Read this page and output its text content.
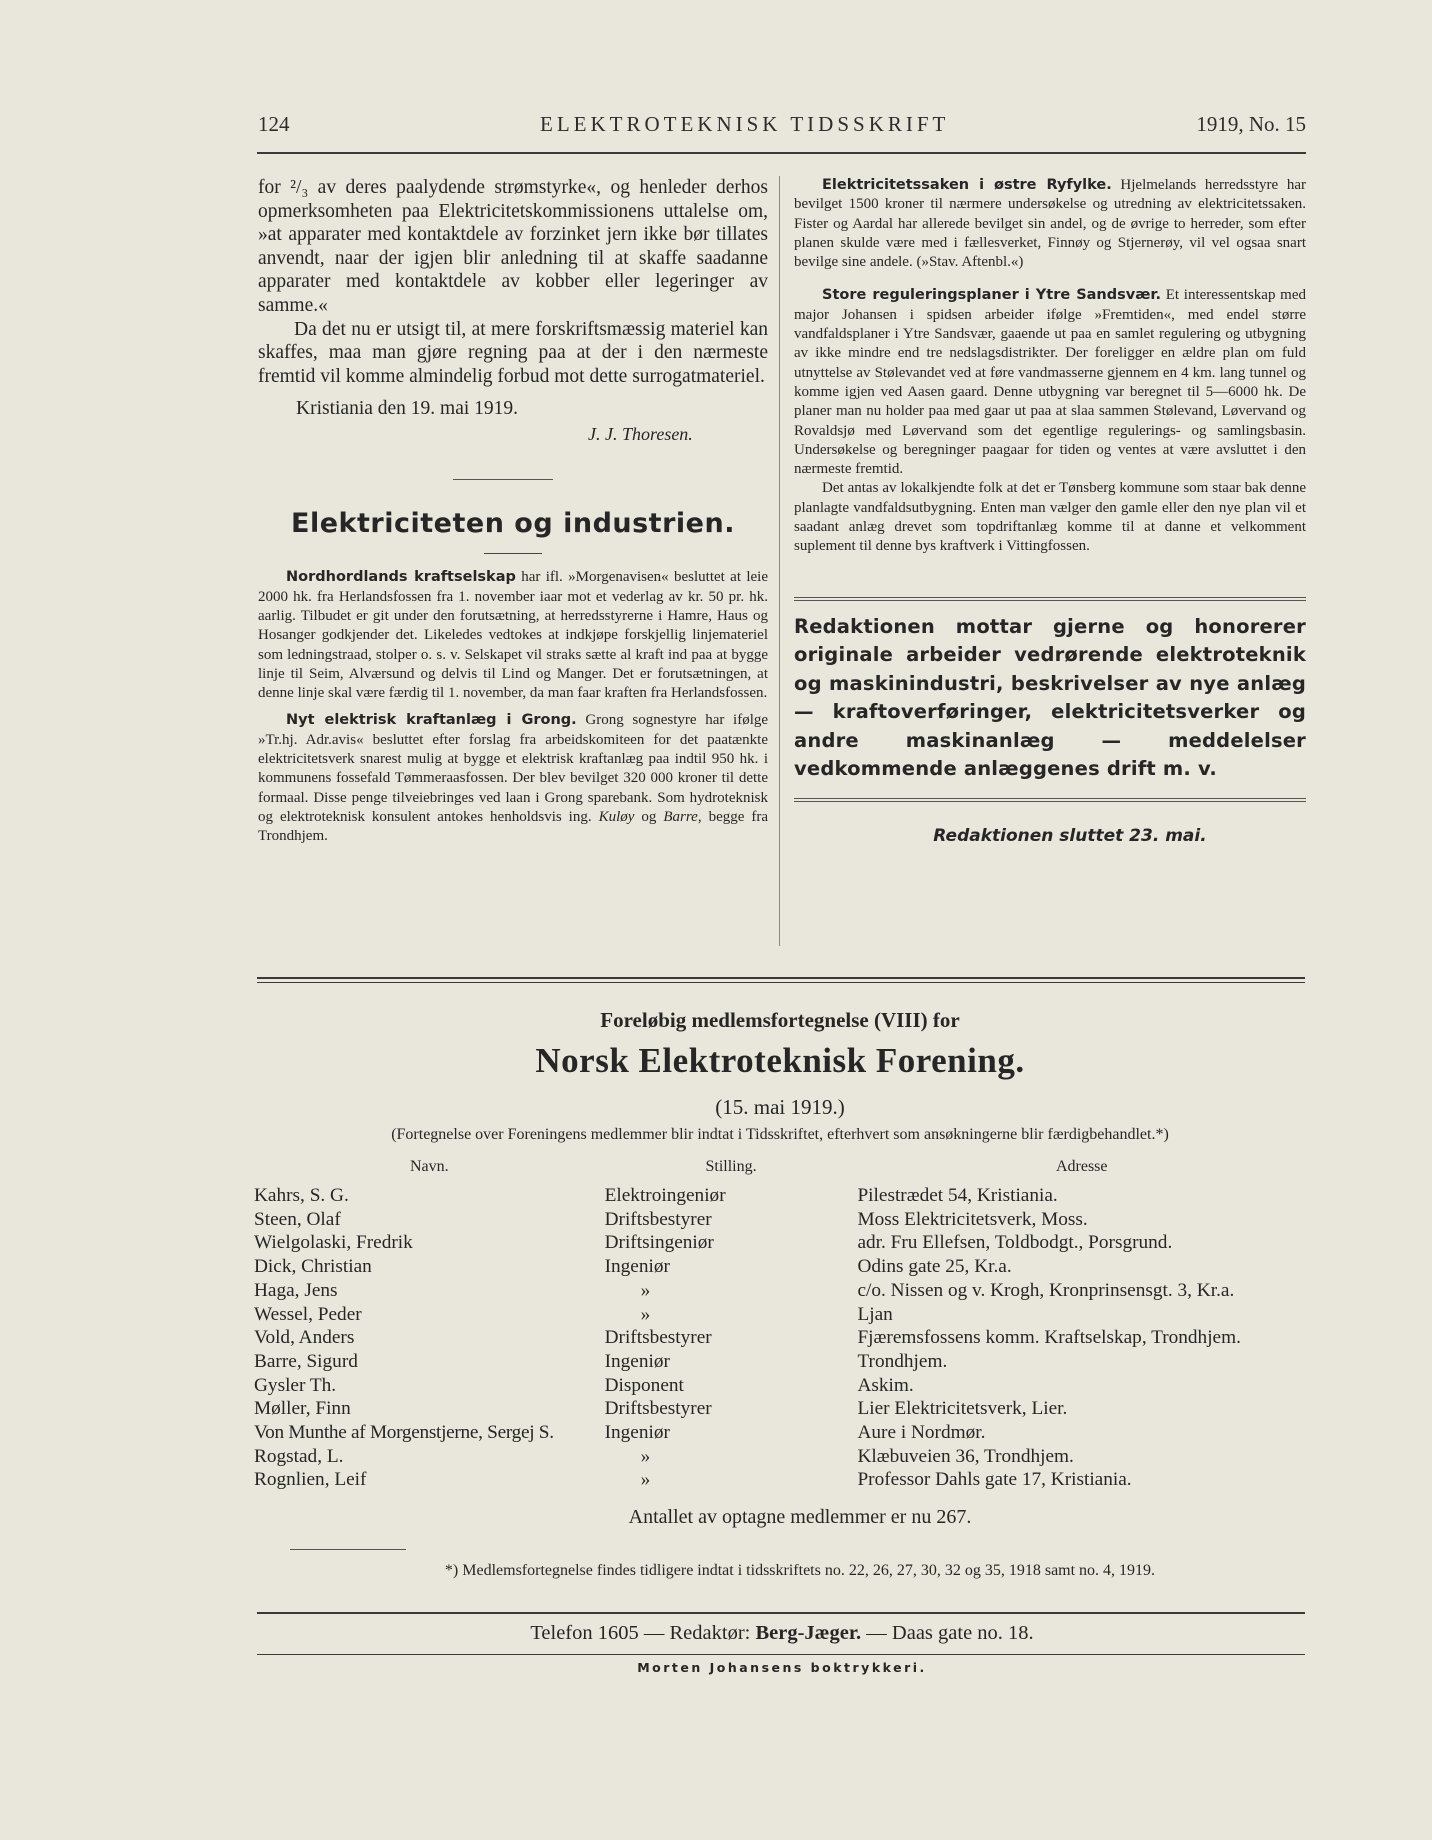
124	ELEKTROTEKNISK TIDSSKRIFT	1919, No. 15

for ²/₃ av deres paalydende strømstyrke«, og henleder derhos opmerksomheten paa Elektricitetskommissionens uttalelse om, »at apparater med kontaktdele av forzinket jern ikke bør tillates anvendt, naar der igjen blir anledning til at skaffe saadanne apparater med kontaktdele av kobber eller legeringer av samme.«

Da det nu er utsigt til, at mere forskriftsmæssig materiel kan skaffes, maa man gjøre regning paa at der i den nærmeste fremtid vil komme almindelig forbud mot dette surrogatmateriel.

Kristiania den 19. mai 1919.
J. J. Thoresen.
Elektriciteten og industrien.

Nordhordlands kraftselskap har ifl. »Morgenavisen« besluttet at leie 2000 hk. fra Herlandsfossen fra 1. november iaar mot et vederlag av kr. 50 pr. hk. aarlig. Tilbudet er git under den forutsætning, at herredsstyrerne i Hamre, Haus og Hosanger godkjender det. Likeledes vedtokes at indkjøpe forskjellig linjemateriel som ledningstraad, stolper o. s. v. Selskapet vil straks sætte al kraft ind paa at bygge linje til Seim, Alværsund og delvis til Lind og Manger. Det er forutsætningen, at denne linje skal være færdig til 1. november, da man faar kraften fra Herlandsfossen.

Nyt elektrisk kraftanlæg i Grong. Grong sognestyre har ifølge »Tr.hj. Adr.avis« besluttet efter forslag fra arbeidskomiteen for det paatænkte elektricitetsverk snarest mulig at bygge et elektrisk kraftanlæg paa indtil 950 hk. i kommunens fossefald Tømmeraasfossen. Der blev bevilget 320 000 kroner til dette formaal. Disse penge tilveiebringes ved laan i Grong sparebank. Som hydroteknisk og elektroteknisk konsulent antokes henholdsvis ing. Kuløy og Barre, begge fra Trondhjem.

Elektricitetssaken i østre Ryfylke. Hjelmelands herredsstyre har bevilget 1500 kroner til nærmere undersøkelse og utredning av elektricitetssaken. Fister og Aardal har allerede bevilget sin andel, og de øvrige to herreder, som efter planen skulde være med i fællesverket, Finnøy og Stjernerøy, vil vel ogsaa snart bevilge sine andele. (»Stav. Aftenbl.«)

Store reguleringsplaner i Ytre Sandsvær. Et interessentskap med major Johansen i spidsen arbeider ifølge »Fremtiden«, med endel større vandfaldsplaner i Ytre Sandsvær, gaaende ut paa en samlet regulering og utbygning av ikke mindre end tre nedslagsdistrikter. Der foreligger en ældre plan om fuld utnyttelse av Stølevandet ved at føre vandmasserne gjennem en 4 km. lang tunnel og komme igjen ved Aasen gaard. Denne utbygning var beregnet til 5—6000 hk. De planer man nu holder paa med gaar ut paa at slaa sammen Stølevand, Løvervand og Rovaldsjø med Løvervand som det egentlige regulerings- og samlingsbasin. Undersøkelse og beregninger paagaar for tiden og ventes at være avsluttet i den nærmeste fremtid.

Det antas av lokalkjendte folk at det er Tønsberg kommune som staar bak denne planlagte vandfaldsutbygning. Enten man vælger den gamle eller den nye plan vil et saadant anlæg drevet som topdriftanlæg komme til at danne et velkomment suplement til denne bys kraftverk i Vittingfossen.

Redaktionen mottar gjerne og honorerer originale arbeider vedrørende elektroteknik og maskinindustri, beskrivelser av nye anlæg — kraftoverføringer, elektricitetsverker og andre maskinanlæg — meddelelser vedkommende anlæggenes drift m. v.

Redaktionen sluttet 23. mai.

Foreløbig medlemsfortegnelse (VIII) for

Norsk Elektroteknisk Forening.

(15. mai 1919.)

(Fortegnelse over Foreningens medlemmer blir indtat i Tidsskriftet, efterhvert som ansøkningerne blir færdigbehandlet.*)

Navn.	Stilling.	Adresse
Kahrs, S. G.	Elektroingeniør	Pilestrædet 54, Kristiania.
Steen, Olaf	Driftsbestyrer	Moss Elektricitetsverk, Moss.
Wielgolaski, Fredrik	Driftsingeniør	adr. Fru Ellefsen, Toldbodgt., Porsgrund.
Dick, Christian	Ingeniør	Odins gate 25, Kr.a.
Haga, Jens	»	c/o. Nissen og v. Krogh, Kronprinsensgt. 3, Kr.a.
Wessel, Peder	»	Ljan
Vold, Anders	Driftsbestyrer	Fjæremsfossens komm. Kraftselskap, Trondhjem.
Barre, Sigurd	Ingeniør	Trondhjem.
Gysler Th.	Disponent	Askim.
Møller, Finn	Driftsbestyrer	Lier Elektricitetsverk, Lier.
Von Munthe af Morgenstjerne, Sergej S.	Ingeniør	Aure i Nordmør.
Rogstad, L.	»	Klæbuveien 36, Trondhjem.
Rognlien, Leif	»	Professor Dahls gate 17, Kristiania.

Antallet av optagne medlemmer er nu 267.

*) Medlemsfortegnelse findes tidligere indtat i tidsskriftets no. 22, 26, 27, 30, 32 og 35, 1918 samt no. 4, 1919.

Telefon 1605 — Redaktør: Berg-Jæger. — Daas gate no. 18.
Morten Johansens boktrykkeri.
